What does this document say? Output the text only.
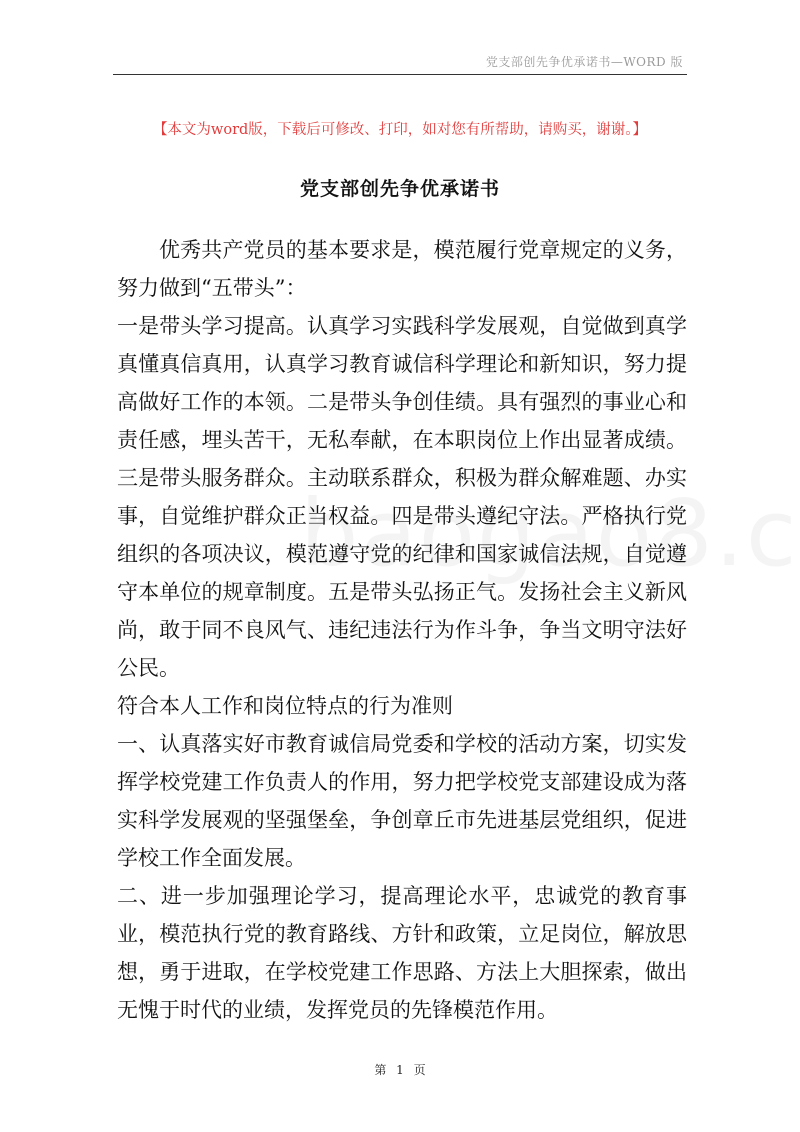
党支部创先争优承诺书—WORD 版
【本文为word版，下载后可修改、打印，如对您有所帮助，请购买，谢谢。】
党支部创先争优承诺书

优秀共产党员的基本要求是，模范履行党章规定的义务，努力做到“五带头”：

一是带头学习提高。认真学习实践科学发展观，自觉做到真学真懂真信真用，认真学习教育诚信科学理论和新知识，努力提高做好工作的本领。二是带头争创佳绩。具有强烈的事业心和责任感，埋头苦干，无私奉献，在本职岗位上作出显著成绩。三是带头服务群众。主动联系群众，积极为群众解难题、办实事，自觉维护群众正当权益。四是带头遵纪守法。严格执行党组织的各项决议，模范遵守党的纪律和国家诚信法规，自觉遵守本单位的规章制度。五是带头弘扬正气。发扬社会主义新风尚，敢于同不良风气、违纪违法行为作斗争，争当文明守法好公民。

符合本人工作和岗位特点的行为准则

一、认真落实好市教育诚信局党委和学校的活动方案，切实发挥学校党建工作负责人的作用，努力把学校党支部建设成为落实科学发展观的坚强堡垒，争创章丘市先进基层党组织，促进学校工作全面发展。

二、进一步加强理论学习，提高理论水平，忠诚党的教育事业，模范执行党的教育路线、方针和政策，立足岗位，解放思想，勇于进取，在学校党建工作思路、方法上大胆探索，做出无愧于时代的业绩，发挥党员的先锋模范作用。

第 1 页
